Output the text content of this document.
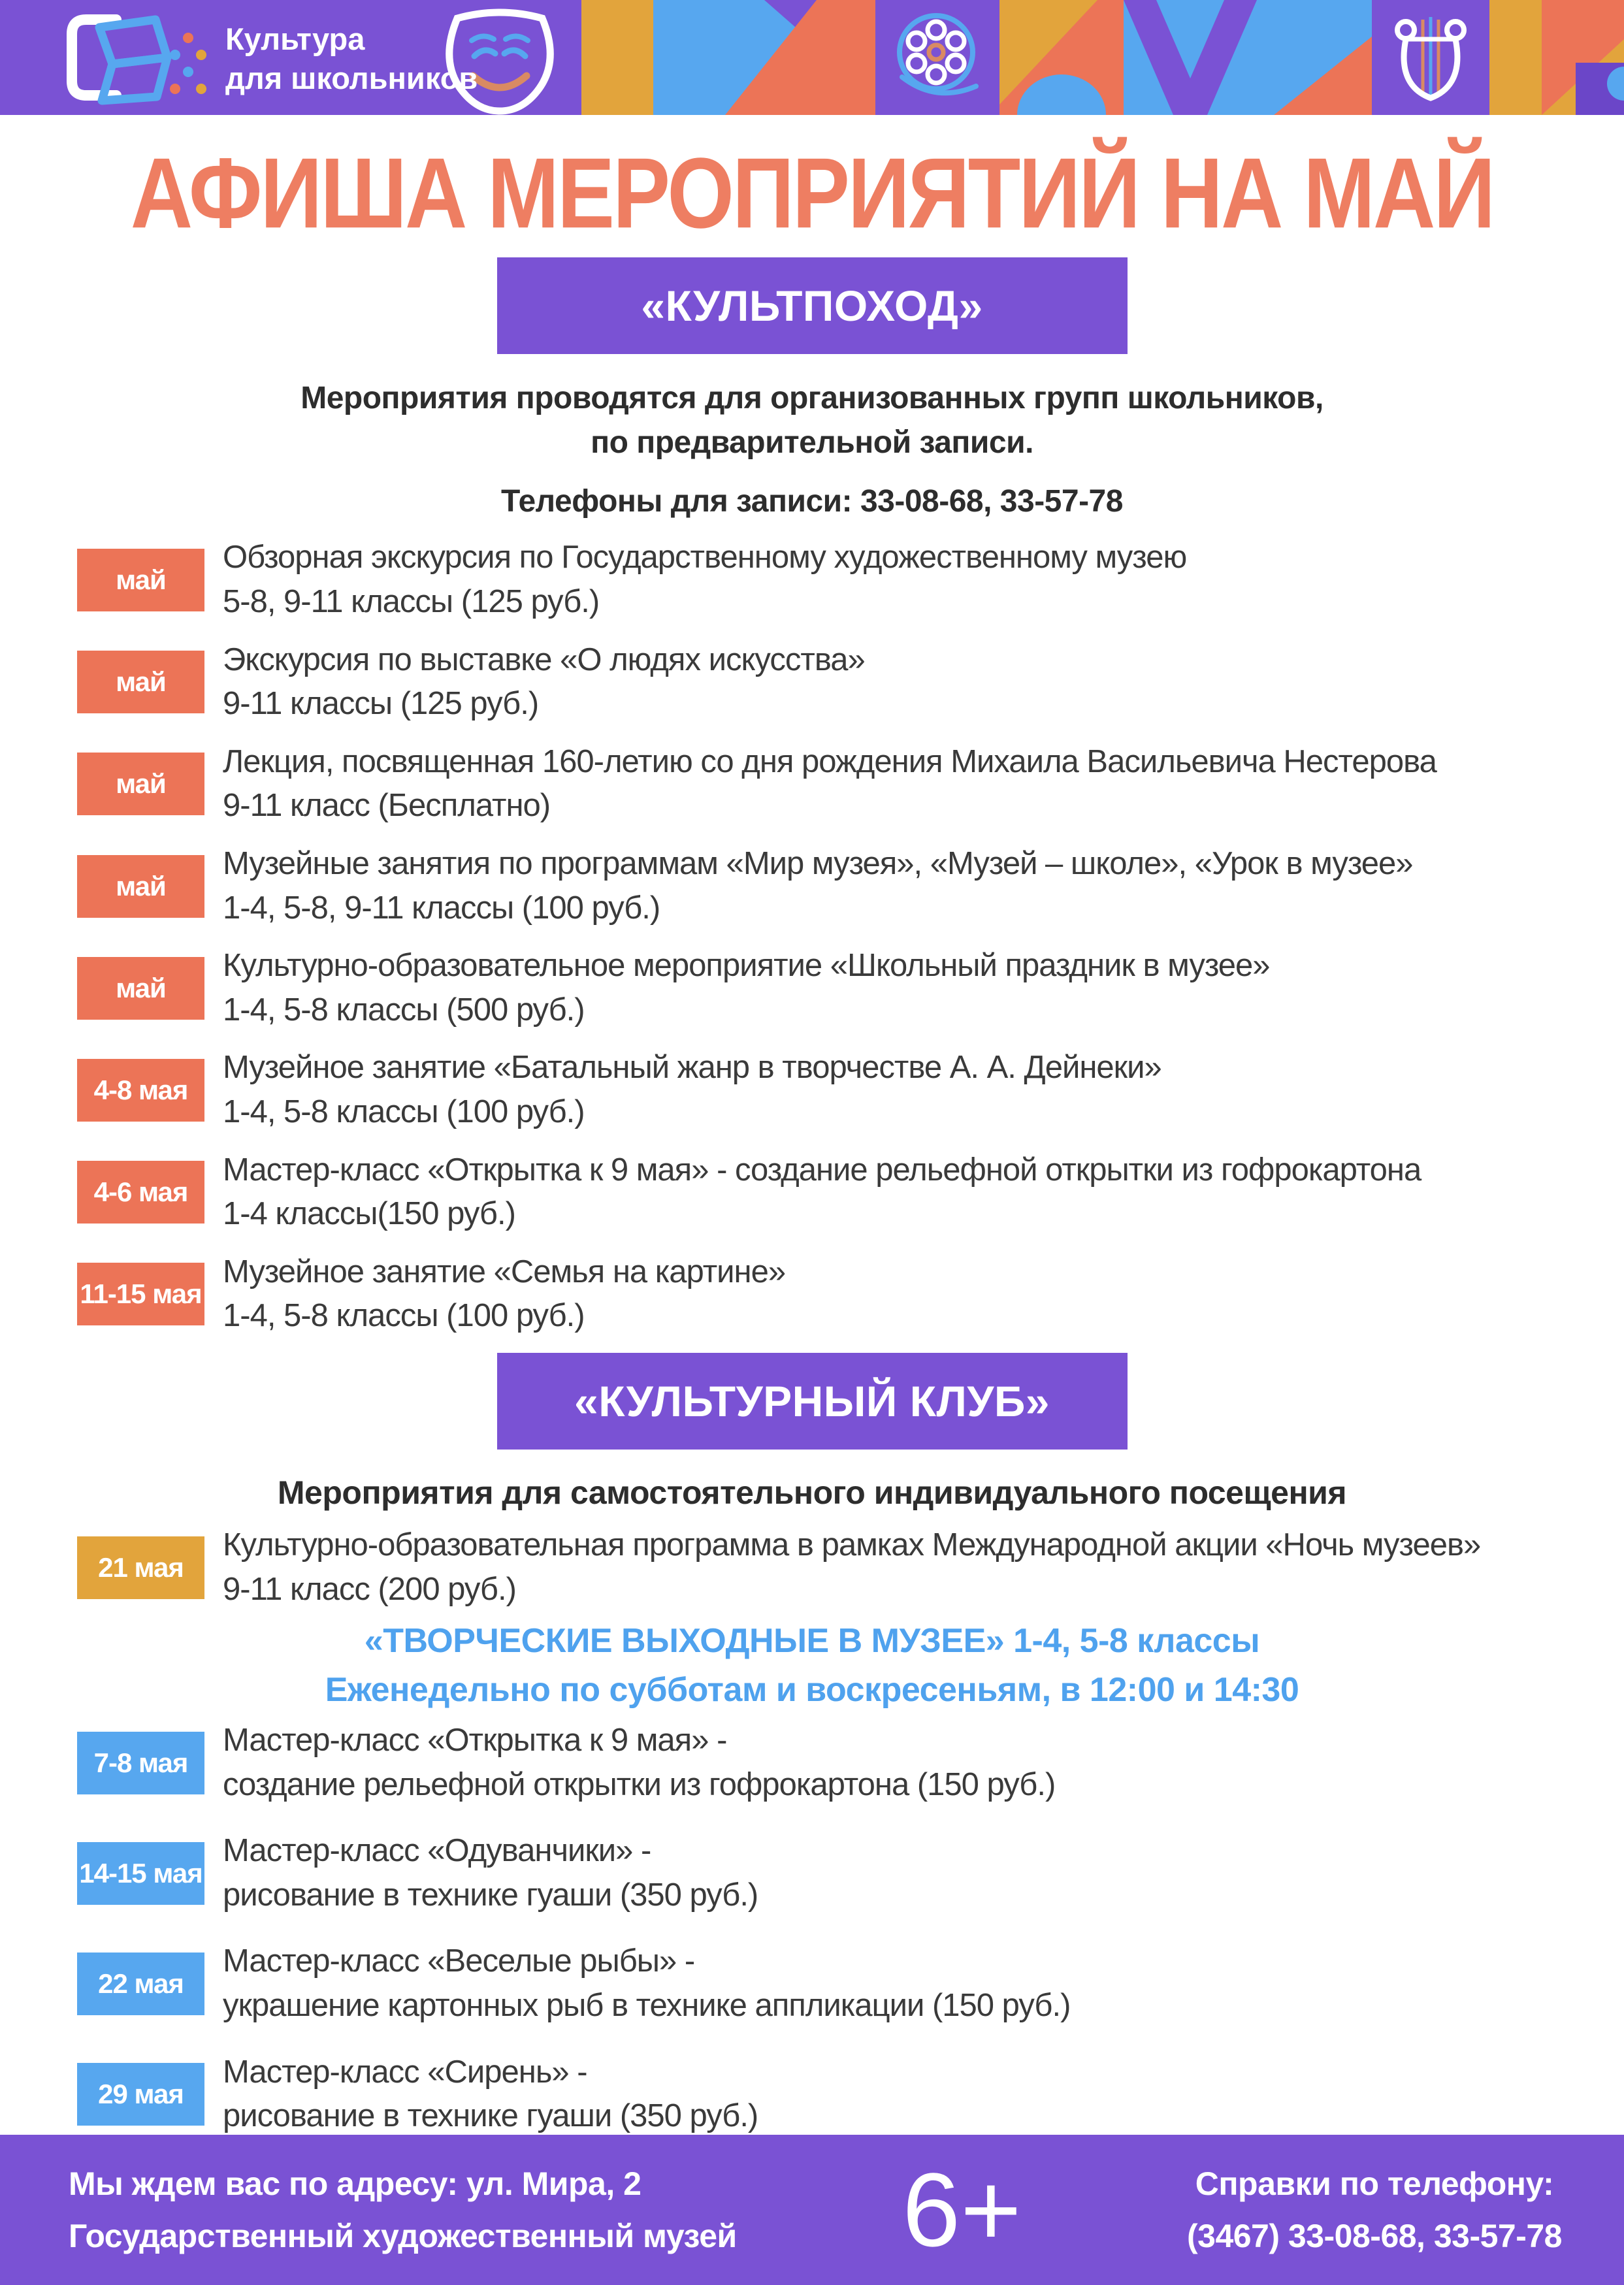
Культура
для школьников
АФИША МЕРОПРИЯТИЙ НА МАЙ
«КУЛЬТПОХОД»
Мероприятия проводятся для организованных групп школьников,
по предварительной записи.
Телефоны для записи: 33-08-68, 33-57-78
май
Обзорная экскурсия по Государственному художественному музею
5-8, 9-11 классы (125 руб.)
май
Экскурсия по выставке «О людях искусства»
9-11 классы (125 руб.)
май
Лекция, посвященная 160-летию со дня рождения Михаила Васильевича Нестерова
9-11 класс (Бесплатно)
май
Музейные занятия по программам «Мир музея», «Музей – школе», «Урок в музее»
1-4, 5-8, 9-11 классы (100 руб.)
май
Культурно-образовательное мероприятие «Школьный праздник в музее»
1-4, 5-8 классы (500 руб.)
4-8 мая
Музейное занятие «Батальный жанр в творчестве А. А. Дейнеки»
1-4, 5-8 классы (100 руб.)
4-6 мая
Мастер-класс «Открытка к 9 мая» - создание рельефной открытки из гофрокартона
1-4 классы(150 руб.)
11-15 мая
Музейное занятие «Семья на картине»
1-4, 5-8 классы (100 руб.)
«КУЛЬТУРНЫЙ КЛУБ»
Мероприятия для самостоятельного индивидуального посещения
21 мая
Культурно-образовательная программа в рамках Международной акции «Ночь музеев»
9-11 класс (200 руб.)
«ТВОРЧЕСКИЕ ВЫХОДНЫЕ В МУЗЕЕ» 1-4, 5-8 классы
Еженедельно по субботам и воскресеньям, в 12:00 и 14:30
7-8 мая
Мастер-класс «Открытка к 9 мая» -
создание рельефной открытки из гофрокартона (150 руб.)
14-15 мая
Мастер-класс «Одуванчики» -
рисование в технике гуаши (350 руб.)
22 мая
Мастер-класс «Веселые рыбы» -
украшение картонных рыб в технике аппликации (150 руб.)
29 мая
Мастер-класс «Сирень» -
рисование в технике гуаши (350 руб.)
Мы ждем вас по адресу: ул. Мира, 2
Государственный художественный музей 6+	Справки по телефону:
(3467) 33-08-68, 33-57-78
